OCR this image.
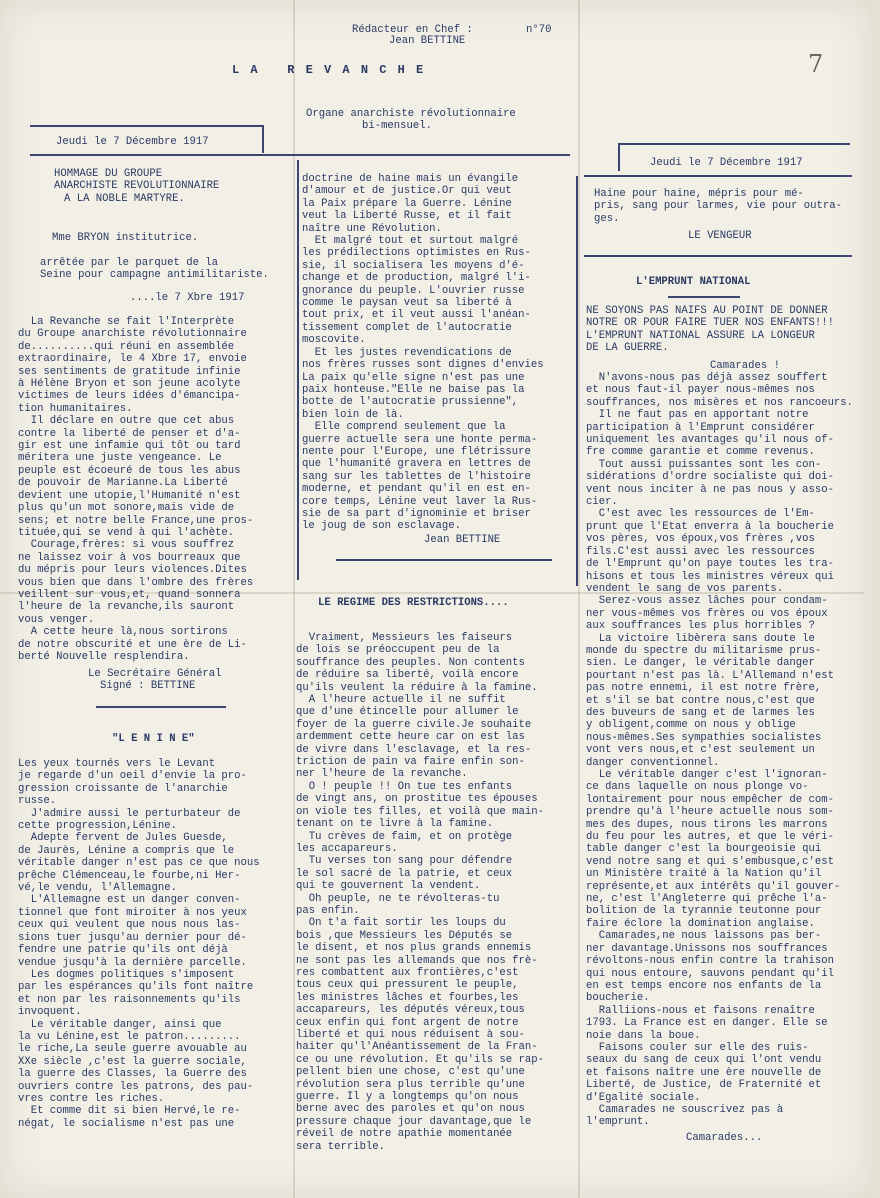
Rédacteur en Chef :
Jean BETTINE
n°70
7
L A   R E V A N C H E
Organe anarchiste révolutionnaire
bi-mensuel.
Jeudi le 7 Décembre 1917
Jeudi le 7 Décembre 1917

HOMMAGE DU GROUPE

ANARCHISTE REVOLUTIONNAIRE

A LA NOBLE MARTYRE.

Mme BRYON institutrice.

arrêtée par le parquet de la

Seine pour campagne antimilitariste.

....le 7 Xbre 1917

La Revanche se fait l'Interprète

du Groupe anarchiste révolutionnaire

de..........qui réuni en assemblée

extraordinaire, le 4 Xbre 17, envoie

ses sentiments de gratitude infinie

à Hélène Bryon et son jeune acolyte

victimes de leurs idées d'émancipa-

tion humanitaires.

Il déclare en outre que cet abus

contre la liberté de penser et d'a-

gir est une infamie qui tôt ou tard

méritera une juste vengeance. Le

peuple est écoeuré de tous les abus

de pouvoir de Marianne.La Liberté

devient une utopie,l'Humanité n'est

plus qu'un mot sonore,mais vide de

sens; et notre belle France,une pros-

tituée,qui se vend à qui l'achète.

Courage,frères: si vous souffrez

ne laissez voir à vos bourreaux que

du mépris pour leurs violences.Dites

vous bien que dans l'ombre des frères

veillent sur vous,et, quand sonnera

l'heure de la revanche,ils sauront

vous venger.

A cette heure là,nous sortirons

de notre obscurité et une ère de Li-

berté Nouvelle resplendira.

Le Secrétaire Général

Signé : BETTINE

"L E N I N E"

Les yeux tournés vers le Levant

je regarde d'un oeil d'envie la pro-

gression croissante de l'anarchie

russe.

J'admire aussi le perturbateur de

cette progression,Lénine.

Adepte fervent de Jules Guesde,

de Jaurès, Lénine a compris que le

véritable danger n'est pas ce que nous

prêche Clémenceau,le fourbe,ni Her-

vé,le vendu, l'Allemagne.

L'Allemagne est un danger conven-

tionnel que font miroiter à nos yeux

ceux qui veulent que nous nous las-

sions tuer jusqu'au dernier pour dé-

fendre une patrie qu'ils ont déjà

vendue jusqu'à la dernière parcelle.

Les dogmes politiques s'imposent

par les espérances qu'ils font naître

et non par les raisonnements qu'ils

invoquent.

Le véritable danger, ainsi que

la vu Lénine,est le patron.........

le riche,La seule guerre avouable au

XXe siècle ,c'est la guerre sociale,

la guerre des Classes, la Guerre des

ouvriers contre les patrons, des pau-

vres contre les riches.

Et comme dit si bien Hervé,le re-

négat, le socialisme n'est pas une

doctrine de haine mais un évangile

d'amour et de justice.Or qui veut

la Paix prépare la Guerre. Lénine

veut la Liberté Russe, et il fait

naître une Révolution.

Et malgré tout et surtout malgré

les prédilections optimistes en Rus-

sie, il socialisera les moyens d'é-

change et de production, malgré l'i-

gnorance du peuple. L'ouvrier russe

comme le paysan veut sa liberté à

tout prix, et il veut aussi l'anéan-

tissement complet de l'autocratie

moscovite.

Et les justes revendications de

nos frères russes sont dignes d'envies

La paix qu'elle signe n'est pas une

paix honteuse."Elle ne baise pas la

botte de l'autocratie prussienne",

bien loin de là.

Elle comprend seulement que la

guerre actuelle sera une honte perma-

nente pour l'Europe, une flétrissure

que l'humanité gravera en lettres de

sang sur les tablettes de l'histoire

moderne, et pendant qu'il en est en-

core temps, Lénine veut laver la Rus-

sie de sa part d'ignominie et briser

le joug de son esclavage.

Jean BETTINE
LE REGIME DES RESTRICTIONS....

Vraiment, Messieurs les faiseurs

de lois se préoccupent peu de la

souffrance des peuples. Non contents

de réduire sa liberté, voilà encore

qu'ils veulent la réduire à la famine.

A l'heure actuelle il ne suffit

que d'une étincelle pour allumer le

foyer de la guerre civile.Je souhaite

ardemment cette heure car on est las

de vivre dans l'esclavage, et la res-

triction de pain va faire enfin son-

ner l'heure de la revanche.

O ! peuple !! On tue tes enfants

de vingt ans, on prostitue tes épouses

on viole tes filles, et voilà que main-

tenant on te livre à la famine.

Tu crèves de faim, et on protège

les accapareurs.

Tu verses ton sang pour défendre

le sol sacré de la patrie, et ceux

qui te gouvernent la vendent.

Oh peuple, ne te révolteras-tu

pas enfin.

On t'a fait sortir les loups du

bois ,que Messieurs les Députés se

le disent, et nos plus grands ennemis

ne sont pas les allemands que nos frè-

res combattent aux frontières,c'est

tous ceux qui pressurent le peuple,

les ministres lâches et fourbes,les

accapareurs, les députés véreux,tous

ceux enfin qui font argent de notre

liberté et qui nous réduisent à sou-

haiter qu'l'Anéantissement de la Fran-

ce ou une révolution. Et qu'ils se rap-

pellent bien une chose, c'est qu'une

révolution sera plus terrible qu'une

guerre. Il y a longtemps qu'on nous

berne avec des paroles et qu'on nous

pressure chaque jour davantage,que le

réveil de notre apathie momentanée

sera terrible.

Haine pour haine, mépris pour mé-

pris, sang pour larmes, vie pour outra-

ges.

LE VENGEUR
L'EMPRUNT NATIONAL

NE SOYONS PAS NAIFS AU POINT DE DONNER

NOTRE OR POUR FAIRE TUER NOS ENFANTS!!!

L'EMPRUNT NATIONAL ASSURE LA LONGEUR

DE LA GUERRE.

Camarades !

N'avons-nous pas déjà assez souffert

et nous faut-il payer nous-mêmes nos

souffrances, nos misères et nos rancoeurs.

Il ne faut pas en apportant notre

participation à l'Emprunt considérer

uniquement les avantages qu'il nous of-

fre comme garantie et comme revenus.

Tout aussi puissantes sont les con-

sidérations d'ordre socialiste qui doi-

vent nous inciter à ne pas nous y asso-

cier.

C'est avec les ressources de l'Em-

prunt que l'Etat enverra à la boucherie

vos pères, vos époux,vos frères ,vos

fils.C'est aussi avec les ressources

de l'Emprunt qu'on paye toutes les tra-

hisons et tous les ministres véreux qui

vendent le sang de vos parents.

Serez-vous assez lâches pour condam-

ner vous-mêmes vos frères ou vos époux

aux souffrances les plus horribles ?

La victoire libèrera sans doute le

monde du spectre du militarisme prus-

sien. Le danger, le véritable danger

pourtant n'est pas là. L'Allemand n'est

pas notre ennemi, il est notre frère,

et s'il se bat contre nous,c'est que

des buveurs de sang et de larmes les

y obligent,comme on nous y oblige

nous-mêmes.Ses sympathies socialistes

vont vers nous,et c'est seulement un

danger conventionnel.

Le véritable danger c'est l'ignoran-

ce dans laquelle on nous plonge vo-

lontairement pour nous empêcher de com-

prendre qu'à l'heure actuelle nous som-

mes des dupes, nous tirons les marrons

du feu pour les autres, et que le véri-

table danger c'est la bourgeoisie qui

vend notre sang et qui s'embusque,c'est

un Ministère traité à la Nation qu'il

représente,et aux intérêts qu'il gouver-

ne, c'est l'Angleterre qui prêche l'a-

bolition de la tyrannie teutonne pour

faire éclore la domination anglaise.

Camarades,ne nous laissons pas ber-

ner davantage.Unissons nos souffrances

révoltons-nous enfin contre la trahison

qui nous entoure, sauvons pendant qu'il

en est temps encore nos enfants de la

boucherie.

Ralliions-nous et faisons renaître

1793. La France est en danger. Elle se

noie dans la boue.

Faisons couler sur elle des ruis-

seaux du sang de ceux qui l'ont vendu

et faisons naître une ère nouvelle de

Liberté, de Justice, de Fraternité et

d'Egalité sociale.

Camarades ne souscrivez pas à

l'emprunt.

Camarades...
